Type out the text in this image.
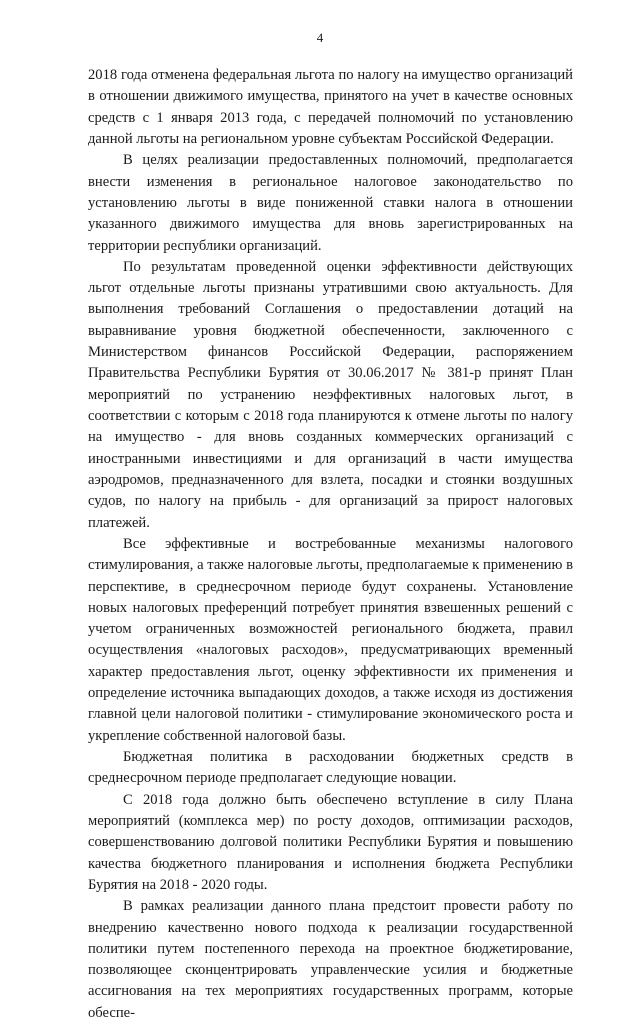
4

2018 года отменена федеральная льгота по налогу на имущество организаций в отношении движимого имущества, принятого на учет в качестве основных средств с 1 января 2013 года, с передачей полномочий по установлению данной льготы на региональном уровне субъектам Российской Федерации.

В целях реализации предоставленных полномочий, предполагается внести изменения в региональное налоговое законодательство по установлению льготы в виде пониженной ставки налога в отношении указанного движимого имущества для вновь зарегистрированных на территории республики организаций.

По результатам проведенной оценки эффективности действующих льгот отдельные льготы признаны утратившими свою актуальность. Для выполнения требований Соглашения о предоставлении дотаций на выравнивание уровня бюджетной обеспеченности, заключенного с Министерством финансов Российской Федерации, распоряжением Правительства Республики Бурятия от 30.06.2017 № 381-р принят План мероприятий по устранению неэффективных налоговых льгот, в соответствии с которым с 2018 года планируются к отмене льготы по налогу на имущество - для вновь созданных коммерческих организаций с иностранными инвестициями и для организаций в части имущества аэродромов, предназначенного для взлета, посадки и стоянки воздушных судов, по налогу на прибыль - для организаций за прирост налоговых платежей.

Все эффективные и востребованные механизмы налогового стимулирования, а также налоговые льготы, предполагаемые к применению в перспективе, в среднесрочном периоде будут сохранены. Установление новых налоговых преференций потребует принятия взвешенных решений с учетом ограниченных возможностей регионального бюджета, правил осуществления «налоговых расходов», предусматривающих временный характер предоставления льгот, оценку эффективности их применения и определение источника выпадающих доходов, а также исходя из достижения главной цели налоговой политики - стимулирование экономического роста и укрепление собственной налоговой базы.

Бюджетная политика в расходовании бюджетных средств в среднесрочном периоде предполагает следующие новации.

С 2018 года должно быть обеспечено вступление в силу Плана мероприятий (комплекса мер) по росту доходов, оптимизации расходов, совершенствованию долговой политики Республики Бурятия и повышению качества бюджетного планирования и исполнения бюджета Республики Бурятия на 2018 - 2020 годы.

В рамках реализации данного плана предстоит провести работу по внедрению качественно нового подхода к реализации государственной политики путем постепенного перехода на проектное бюджетирование, позволяющее сконцентрировать управленческие усилия и бюджетные ассигнования на тех мероприятиях государственных программ, которые обеспе-
